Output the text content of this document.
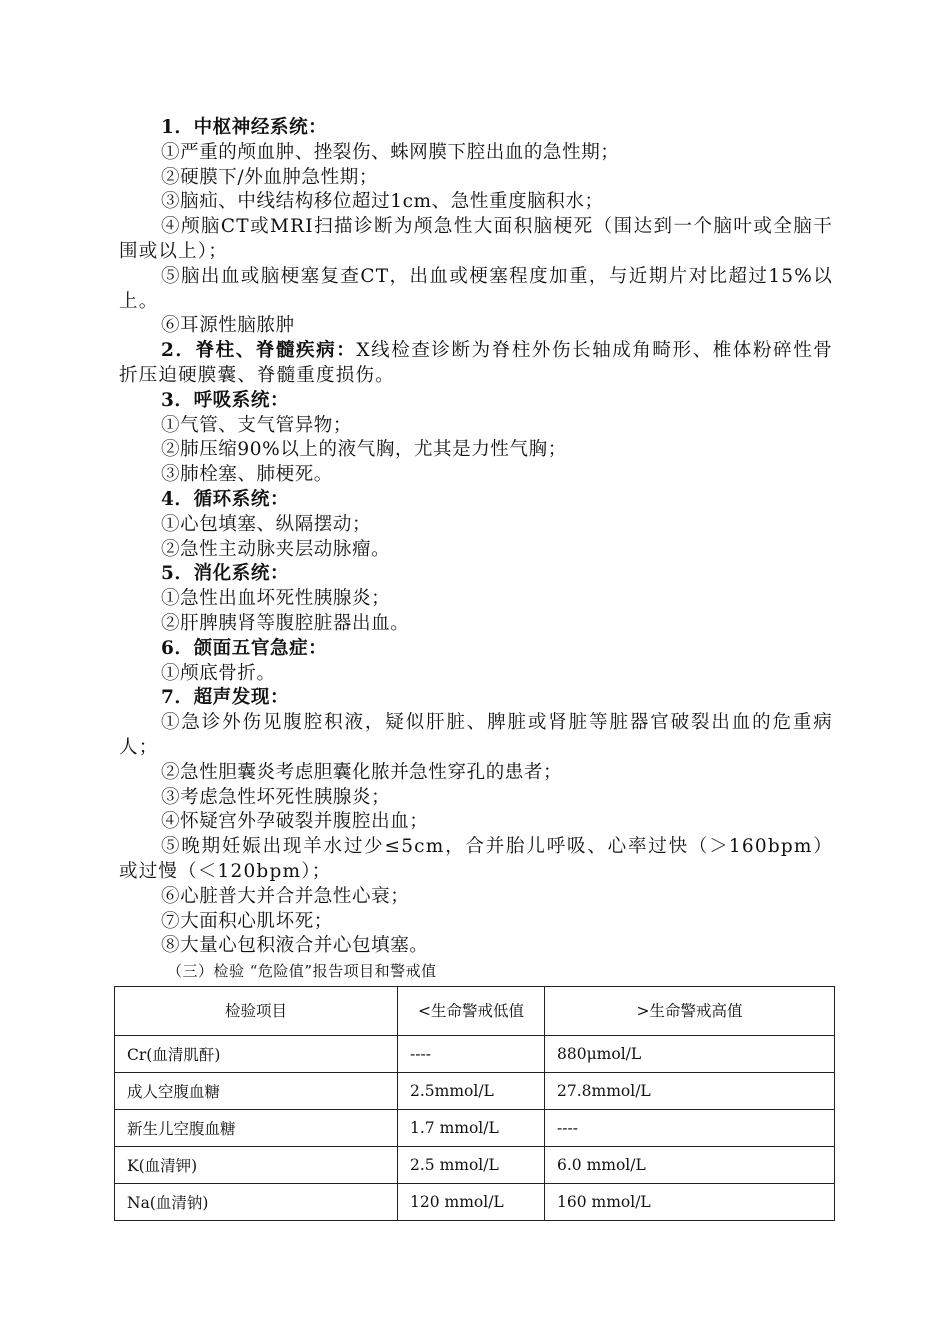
1．中枢神经系统：
①严重的颅血肿、挫裂伤、蛛网膜下腔出血的急性期；
②硬膜下/外血肿急性期；
③脑疝、中线结构移位超过1cm、急性重度脑积水；
④颅脑CT或MRI扫描诊断为颅急性大面积脑梗死（围达到一个脑叶或全脑干围或以上）；
⑤脑出血或脑梗塞复查CT，出血或梗塞程度加重，与近期片对比超过15%以上。
⑥耳源性脑脓肿
2．脊柱、脊髓疾病：X线检查诊断为脊柱外伤长轴成角畸形、椎体粉碎性骨折压迫硬膜囊、脊髓重度损伤。
3．呼吸系统：
①气管、支气管异物；
②肺压缩90%以上的液气胸，尤其是力性气胸；
③肺栓塞、肺梗死。
4．循环系统：
①心包填塞、纵隔摆动；
②急性主动脉夹层动脉瘤。
5．消化系统：
①急性出血坏死性胰腺炎；
②肝脾胰肾等腹腔脏器出血。
6．颌面五官急症：
①颅底骨折。
7．超声发现：
①急诊外伤见腹腔积液，疑似肝脏、脾脏或肾脏等脏器官破裂出血的危重病人；
②急性胆囊炎考虑胆囊化脓并急性穿孔的患者；
③考虑急性坏死性胰腺炎；
④怀疑宫外孕破裂并腹腔出血；
⑤晚期妊娠出现羊水过少≤5cm，合并胎儿呼吸、心率过快（＞160bpm）或过慢（＜120bpm）；
⑥心脏普大并合并急性心衰；
⑦大面积心肌坏死；
⑧大量心包积液合并心包填塞。
（三）检验 “危险值”报告项目和警戒值
检验项目	<生命警戒低值	>生命警戒高值
Cr(血清肌酐)	----	880μmol/L
成人空腹血糖	2.5mmol/L	27.8mmol/L
新生儿空腹血糖	1.7 mmol/L	----
K(血清钾)	2.5 mmol/L	6.0 mmol/L
Na(血清钠)	120 mmol/L	160 mmol/L
